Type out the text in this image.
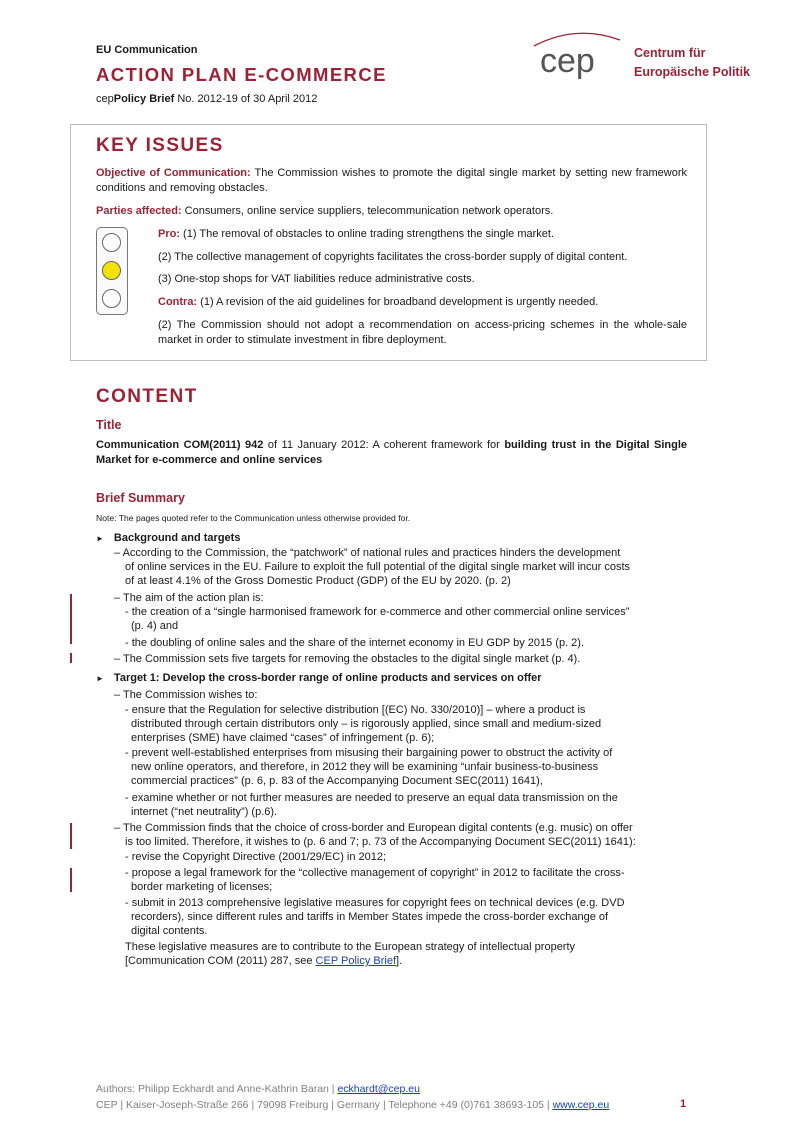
EU Communication
ACTION PLAN E-COMMERCE
cepPolicy Brief No. 2012-19 of 30 April 2012
cep	Centrum für
Europäische Politik
KEY ISSUES
Objective of Communication: The Commission wishes to promote the digital single market by setting new framework conditions and removing obstacles.
Parties affected: Consumers, online service suppliers, telecommunication network operators.
Pro: (1) The removal of obstacles to online trading strengthens the single market.
(2) The collective management of copyrights facilitates the cross-border supply of digital content.
(3) One-stop shops for VAT liabilities reduce administrative costs.
Contra: (1) A revision of the aid guidelines for broadband development is urgently needed.
(2) The Commission should not adopt a recommendation on access-pricing schemes in the whole-sale market in order to stimulate investment in fibre deployment.
CONTENT
Title
Communication COM(2011) 942 of 11 January 2012: A coherent framework for building trust in the Digital Single Market for e-commerce and online services
Brief Summary
Note: The pages quoted refer to the Communication unless otherwise provided for.
► Background and targets
– According to the Commission, the “patchwork” of national rules and practices hinders the development
of online services in the EU. Failure to exploit the full potential of the digital single market will incur costs
of at least 4.1% of the Gross Domestic Product (GDP) of the EU by 2020. (p. 2)
– The aim of the action plan is:
- the creation of a “single harmonised framework for e-commerce and other commercial online services”
(p. 4) and
- the doubling of online sales and the share of the internet economy in EU GDP by 2015 (p. 2).
– The Commission sets five targets for removing the obstacles to the digital single market (p. 4).
► Target 1: Develop the cross-border range of online products and services on offer
– The Commission wishes to:
- ensure that the Regulation for selective distribution [(EC) No. 330/2010)] – where a product is
distributed through certain distributors only – is rigorously applied, since small and medium-sized
enterprises (SME) have claimed “cases” of infringement (p. 6);
- prevent well-established enterprises from misusing their bargaining power to obstruct the activity of
new online operators, and therefore, in 2012 they will be examining “unfair business-to-business
commercial practices” (p. 6, p. 83 of the Accompanying Document SEC(2011) 1641),
- examine whether or not further measures are needed to preserve an equal data transmission on the
internet (“net neutrality”) (p.6).
– The Commission finds that the choice of cross-border and European digital contents (e.g. music) on offer
is too limited. Therefore, it wishes to (p. 6 and 7; p. 73 of the Accompanying Document SEC(2011) 1641):
- revise the Copyright Directive (2001/29/EC) in 2012;
- propose a legal framework for the “collective management of copyright” in 2012 to facilitate the cross-
border marketing of licenses;
- submit in 2013 comprehensive legislative measures for copyright fees on technical devices (e.g. DVD
recorders), since different rules and tariffs in Member States impede the cross-border exchange of
digital contents.
These legislative measures are to contribute to the European strategy of intellectual property
[Communication COM (2011) 287, see CEP Policy Brief].
Authors: Philipp Eckhardt and Anne-Kathrin Baran | eckhardt@cep.eu
CEP | Kaiser-Joseph-Straße 266 | 79098 Freiburg | Germany | Telephone +49 (0)761 38693-105 | www.cep.eu	1
